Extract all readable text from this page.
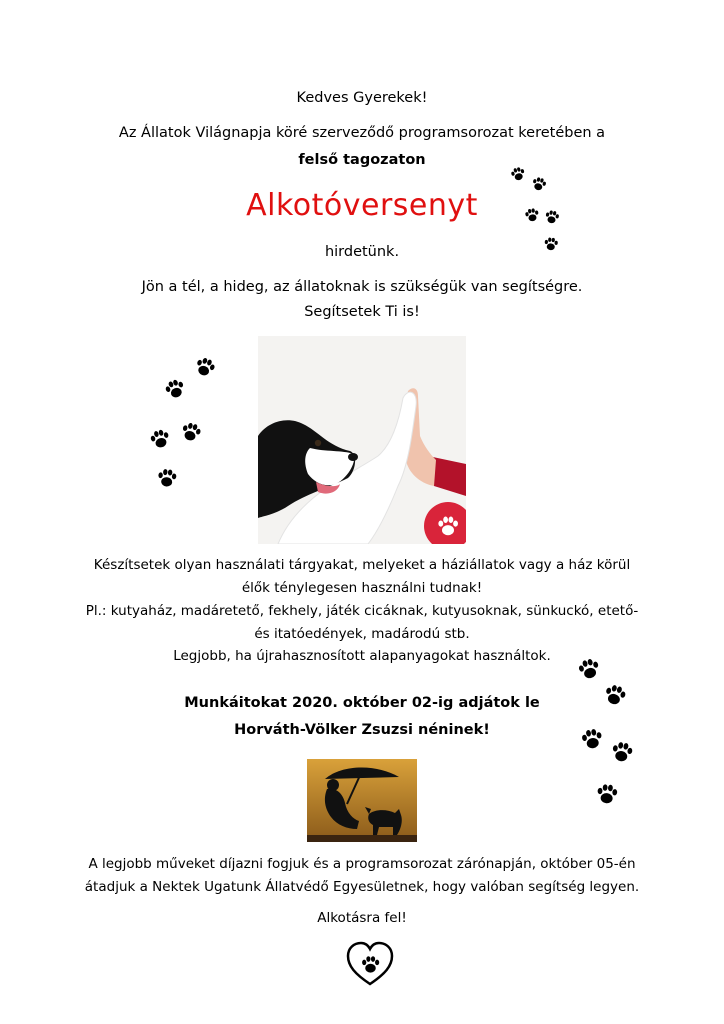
Kedves Gyerekek!
Az Állatok Világnapja köré szerveződő programsorozat keretében a
felső tagozaton
Alkotóversenyt
hirdetünk.
Jön a tél, a hideg, az állatoknak is szükségük van segítségre.
Segítsetek Ti is!
Készítsetek olyan használati tárgyakat, melyeket a háziállatok vagy a ház körül
élők ténylegesen használni tudnak!
Pl.: kutyaház, madáretető, fekhely, játék cicáknak, kutyusoknak, sünkuckó, etető-
és itatóedények, madárodú stb.
Legjobb, ha újrahasznosított alapanyagokat használtok.
Munkáitokat 2020. október 02-ig adjátok le
Horváth-Völker Zsuzsi néninek!
A legjobb műveket díjazni fogjuk és a programsorozat zárónapján, október 05-én
átadjuk a Nektek Ugatunk Állatvédő Egyesületnek, hogy valóban segítség legyen.
Alkotásra fel!
